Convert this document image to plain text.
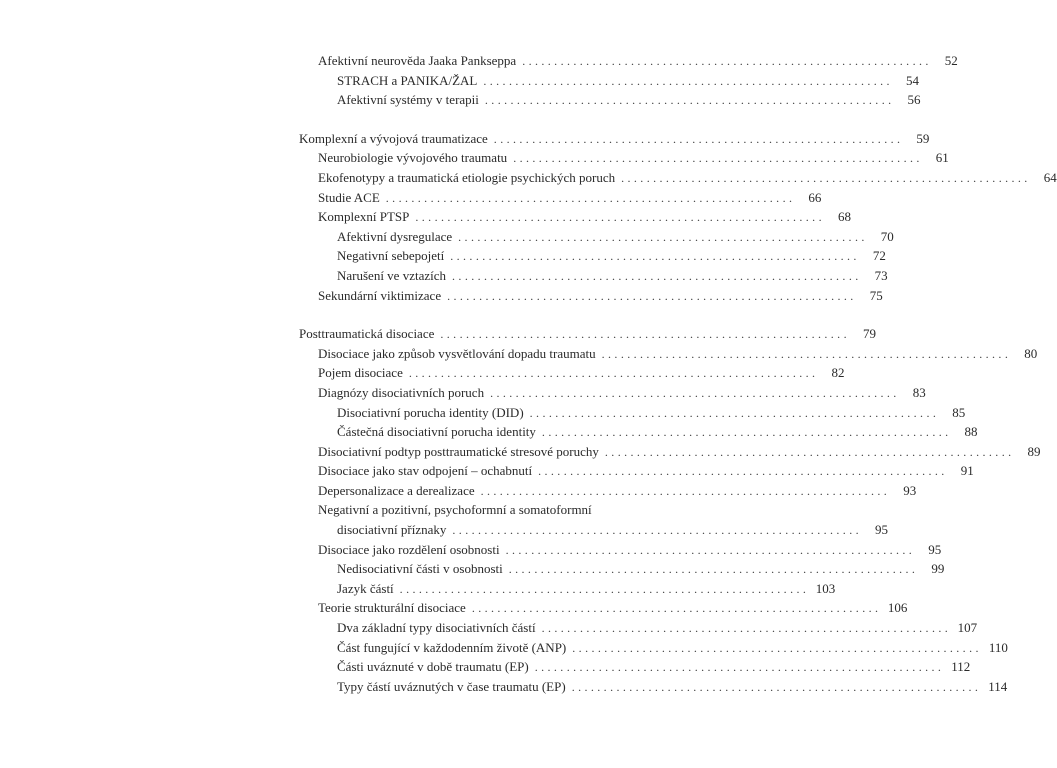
Afektivní neurověda Jaaka Pankseppa ................................................................	52
STRACH a PANIKA/ŽAL ................................................................	54
Afektivní systémy v terapii ................................................................	56
Komplexní a vývojová traumatizace ................................................................	59
Neurobiologie vývojového traumatu ................................................................	61
Ekofenotypy a traumatická etiologie psychických poruch ................................................................	64
Studie ACE ................................................................	66
Komplexní PTSP ................................................................	68
Afektivní dysregulace ................................................................	70
Negativní sebepojetí ................................................................	72
Narušení ve vztazích ................................................................	73
Sekundární viktimizace ................................................................	75
Posttraumatická disociace ................................................................	79
Disociace jako způsob vysvětlování dopadu traumatu ................................................................	80
Pojem disociace ................................................................	82
Diagnózy disociativních poruch ................................................................	83
Disociativní porucha identity (DID) ................................................................	85
Částečná disociativní porucha identity ................................................................	88
Disociativní podtyp posttraumatické stresové poruchy ................................................................	89
Disociace jako stav odpojení – ochabnutí ................................................................	91
Depersonalizace a derealizace ................................................................	93
Negativní a pozitivní, psychoformní a somatoformní
disociativní příznaky ................................................................	95
Disociace jako rozdělení osobnosti ................................................................	95
Nedisociativní části v osobnosti ................................................................	99
Jazyk částí ................................................................ 103
Teorie strukturální disociace ................................................................ 106
Dva základní typy disociativních částí ................................................................ 107
Část fungující v každodenním životě (ANP) ................................................................ 110
Části uváznuté v době traumatu (EP) ................................................................ 112
Typy částí uváznutých v čase traumatu (EP) ................................................................ 114
